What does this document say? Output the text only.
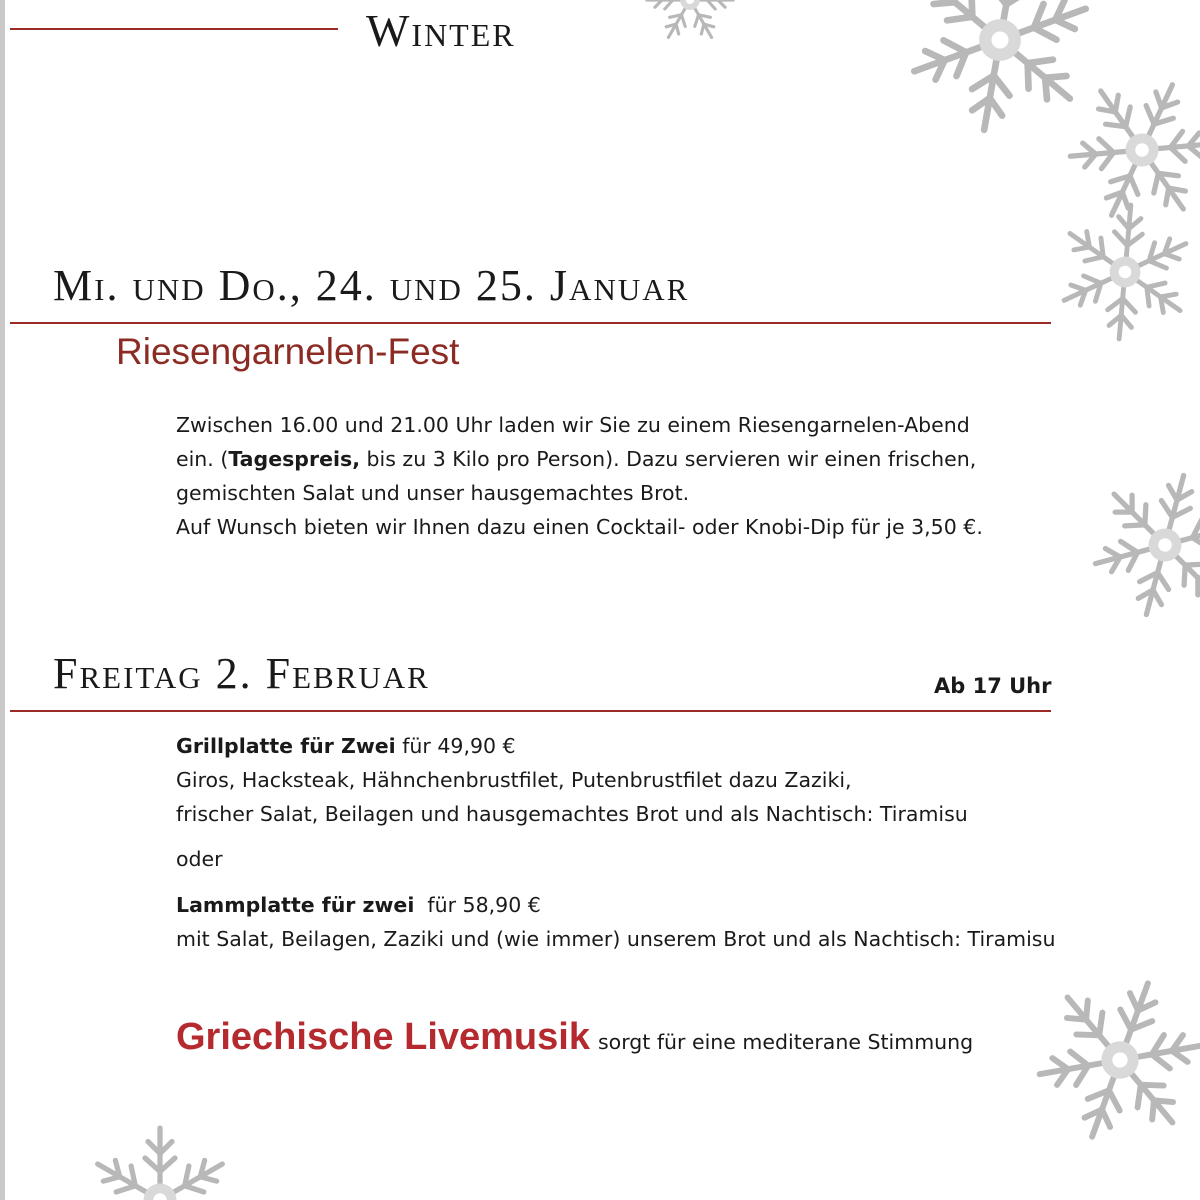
Winter
Mi. und Do., 24. und 25. Januar
Riesengarnelen-Fest
Zwischen 16.00 und 21.00 Uhr laden wir Sie zu einem Riesengarnelen-Abend
ein. (Tagespreis, bis zu 3 Kilo pro Person). Dazu servieren wir einen frischen,
gemischten Salat und unser hausgemachtes Brot.
Auf Wunsch bieten wir Ihnen dazu einen Cocktail- oder Knobi-Dip für je 3,50 €.
Freitag 2. Februar	Ab 17 Uhr
Grillplatte für Zwei für 49,90 €
Giros, Hacksteak, Hähnchenbrustfilet, Putenbrustfilet dazu Zaziki,
frischer Salat, Beilagen und hausgemachtes Brot und als Nachtisch: Tiramisu
oder
Lammplatte für zwei  für 58,90 €
mit Salat, Beilagen, Zaziki und (wie immer) unserem Brot und als Nachtisch: Tiramisu
Griechische Livemusik sorgt für eine mediterane Stimmung
